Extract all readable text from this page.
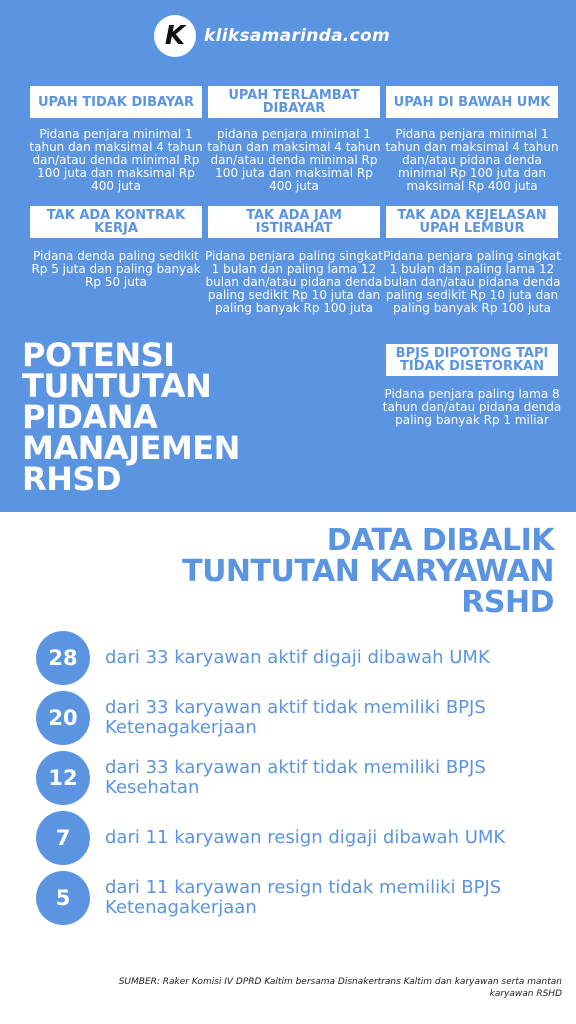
K kliksamarinda.com
UPAH TIDAK DIBAYAR
Pidana penjara minimal 1 tahun dan maksimal 4 tahun dan/atau denda minimal Rp 100 juta dan maksimal Rp 400 juta
UPAH TERLAMBAT DIBAYAR
pidana penjara minimal 1 tahun dan maksimal 4 tahun dan/atau denda minimal Rp 100 juta dan maksimal Rp 400 juta
UPAH DI BAWAH UMK
Pidana penjara minimal 1 tahun dan maksimal 4 tahun dan/atau pidana denda minimal Rp 100 juta dan maksimal Rp 400 juta
TAK ADA KONTRAK KERJA
Pidana denda paling sedikit Rp 5 juta dan paling banyak Rp 50 juta
TAK ADA JAM ISTIRAHAT
Pidana penjara paling singkat 1 bulan dan paling lama 12 bulan dan/atau pidana denda paling sedikit Rp 10 juta dan paling banyak Rp 100 juta
TAK ADA KEJELASAN UPAH LEMBUR
Pidana penjara paling singkat 1 bulan dan paling lama 12 bulan dan/atau pidana denda paling sedikit Rp 10 juta dan paling banyak Rp 100 juta
POTENSI TUNTUTAN PIDANA MANAJEMEN RHSD
BPJS DIPOTONG TAPI TIDAK DISETORKAN
Pidana penjara paling lama 8 tahun dan/atau pidana denda paling banyak Rp 1 miliar
DATA DIBALIK TUNTUTAN KARYAWAN RSHD
28	dari 33 karyawan aktif digaji dibawah UMK
20	dari 33 karyawan aktif tidak memiliki BPJS Ketenagakerjaan
12	dari 33 karyawan aktif tidak memiliki BPJS Kesehatan
7	dari 11 karyawan resign digaji dibawah UMK
5	dari 11 karyawan resign tidak memiliki BPJS Ketenagakerjaan
SUMBER: Raker Komisi IV DPRD Kaltim bersama Disnakertrans Kaltim dan karyawan serta mantan karyawan RSHD
